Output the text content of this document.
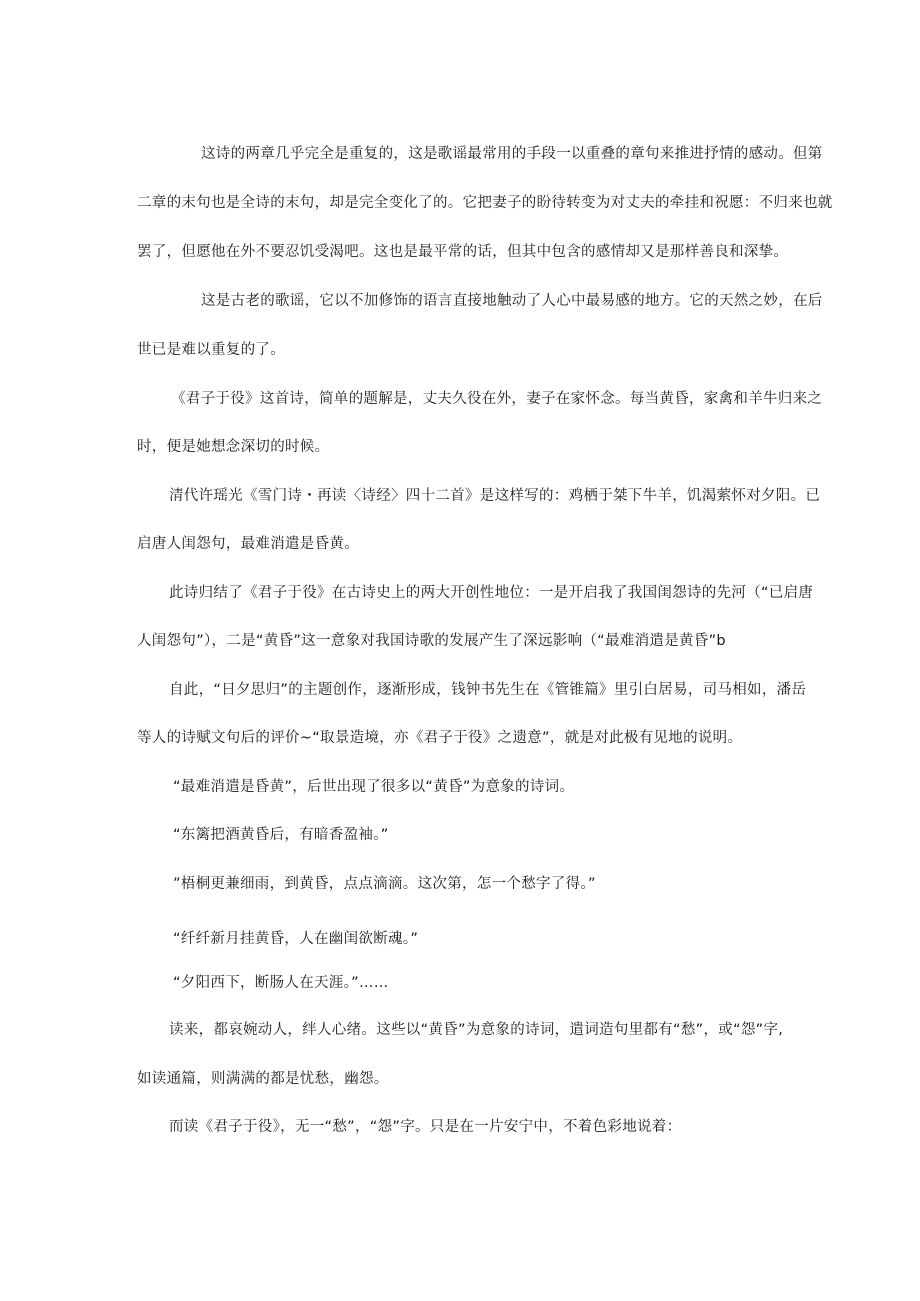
这诗的两章几乎完全是重复的，这是歌谣最常用的手段一以重叠的章句来推进抒情的感动。但第
二章的末句也是全诗的末句，却是完全变化了的。它把妻子的盼待转变为对丈夫的牵挂和祝愿：不归来也就
罢了，但愿他在外不要忍饥受渴吧。这也是最平常的话，但其中包含的感情却又是那样善良和深挚。
这是古老的歌谣，它以不加修饰的语言直接地触动了人心中最易感的地方。它的天然之妙，在后
世已是难以重复的了。
《君子于役》这首诗，简单的题解是，丈夫久役在外，妻子在家怀念。每当黄昏，家禽和羊牛归来之
时，便是她想念深切的时候。
清代许瑶光《雪门诗・再读〈诗经〉四十二首》是这样写的：鸡栖于桀下牛羊，饥渴萦怀对夕阳。已
启唐人闺怨句，最难消遣是昏黄。
此诗归结了《君子于役》在古诗史上的两大开创性地位：一是开启我了我国闺怨诗的先河（“已启唐
人闺怨句”），二是“黄昏”这一意象对我国诗歌的发展产生了深远影响（“最难消遣是黄昏”b
自此，“日夕思归”的主题创作，逐渐形成，钱钟书先生在《管锥篇》里引白居易，司马相如，潘岳
等人的诗赋文句后的评价~“取景造境，亦《君子于役》之遗意”，就是对此极有见地的说明。
“最难消遣是昏黄”，后世出现了很多以“黄昏”为意象的诗词。
“东篱把酒黄昏后，有暗香盈袖。”
”梧桐更兼细雨，到黄昏，点点滴滴。这次第，怎一个愁字了得。”
“纤纤新月挂黄昏，人在幽闺欲断魂。”
“夕阳西下，断肠人在天涯。”……
读来，都哀婉动人，绊人心绪。这些以“黄昏”为意象的诗词，遣词造句里都有“愁”，或“怨”字,
如读通篇，则满满的都是忧愁，幽怨。
而读《君子于役》，无一“愁”，“怨”字。只是在一片安宁中，不着色彩地说着：
